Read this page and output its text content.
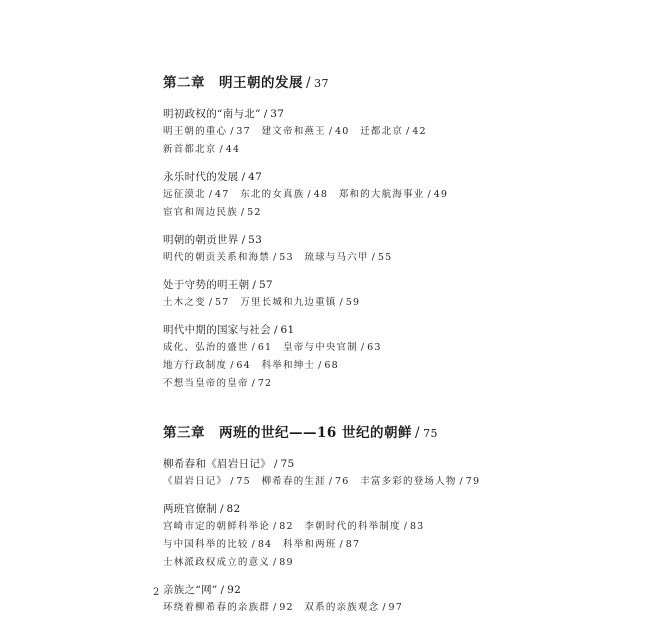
第二章　明王朝的发展 / 37
明初政权的“南与北” / 37
明王朝的重心 / 37  建文帝和燕王 / 40  迁都北京 / 42
新首都北京 / 44
永乐时代的发展 / 47
远征漠北 / 47  东北的女真族 / 48  郑和的大航海事业 / 49
宦官和周边民族 / 52
明朝的朝贡世界 / 53
明代的朝贡关系和海禁 / 53  琉球与马六甲 / 55
处于守势的明王朝 / 57
土木之变 / 57  万里长城和九边重镇 / 59
明代中期的国家与社会 / 61
成化、弘治的盛世 / 61  皇帝与中央官制 / 63
地方行政制度 / 64  科举和绅士 / 68
不想当皇帝的皇帝 / 72
第三章　两班的世纪——16 世纪的朝鲜 / 75
柳希春和《眉岩日记》 / 75
《眉岩日记》 / 75  柳希春的生涯 / 76  丰富多彩的登场人物 / 79
两班官僚制 / 82
宫崎市定的朝鲜科举论 / 82  李朝时代的科举制度 / 83
与中国科举的比较 / 84  科举和两班 / 87
士林派政权成立的意义 / 89
亲族之“网” / 92
环绕着柳希春的亲族群 / 92  双系的亲族观念 / 97
2
